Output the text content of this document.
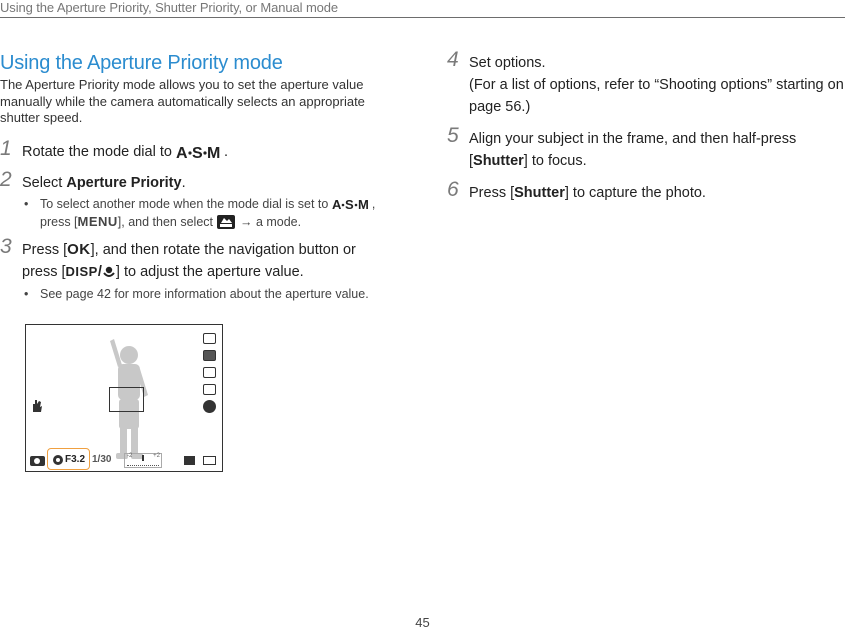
Using the Aperture Priority, Shutter Priority, or Manual mode
Using the Aperture Priority mode
The Aperture Priority mode allows you to set the aperture value manually while the camera automatically selects an appropriate shutter speed.
1 Rotate the mode dial to A S M .
2 Select Aperture Priority.
• To select another mode when the mode dial is set to A S M ,
press [MENU], and then select → a mode.
3 Press [OK], and then rotate the navigation button or
press [DISP/ ] to adjust the aperture value.
• See page 42 for more information about the aperture value.
F3.2 1/30	-2	+2
4 Set options.
(For a list of options, refer to “Shooting options” starting on page 56.)
5 Align your subject in the frame, and then half-press
[Shutter] to focus.
6 Press [Shutter] to capture the photo.
45
